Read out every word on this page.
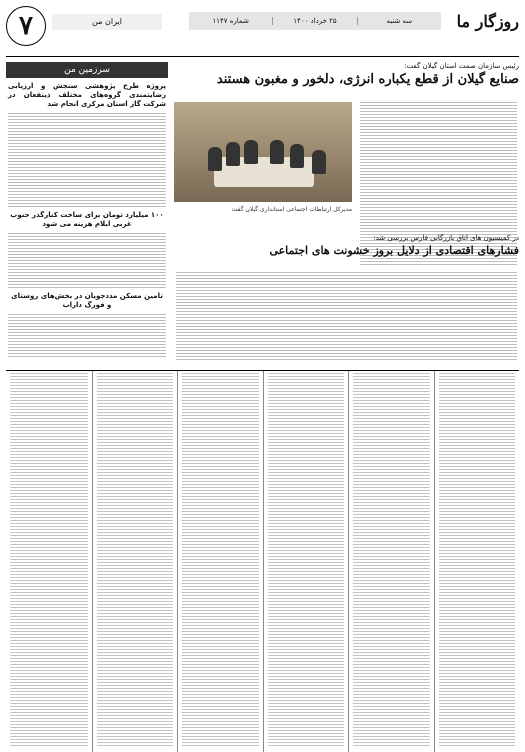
روزگار ما
سه شنبه
۲۵ خرداد ۱۴۰۰
شماره ۱۱۴۷
ایران من
۷
سرزمین من
پروژه طرح پژوهشی سنجش و ارزیابی رضایتمندی گروه‌های مختلف ذینفعان در شرکت گاز استان مرکزی انجام شد
۱۰۰ میلیارد تومان برای ساخت کنارگذر جنوب غربی ایلام هزینه می شود
تامین مسکن مددجویان در بخش‌های روستای و فورگ داراب
رئیس سازمان صمت استان گیلان گفت:
صنایع گیلان از قطع یکباره انرژی، دلخور و مغبون هستند
مدیرکل ارتباطات اجتماعی استانداری گیلان گفت
در کمیسیون های اتاق بازرگانی فارس بررسی شد:
فشارهای اقتصادی از دلایل بروز خشونت های اجتماعی
